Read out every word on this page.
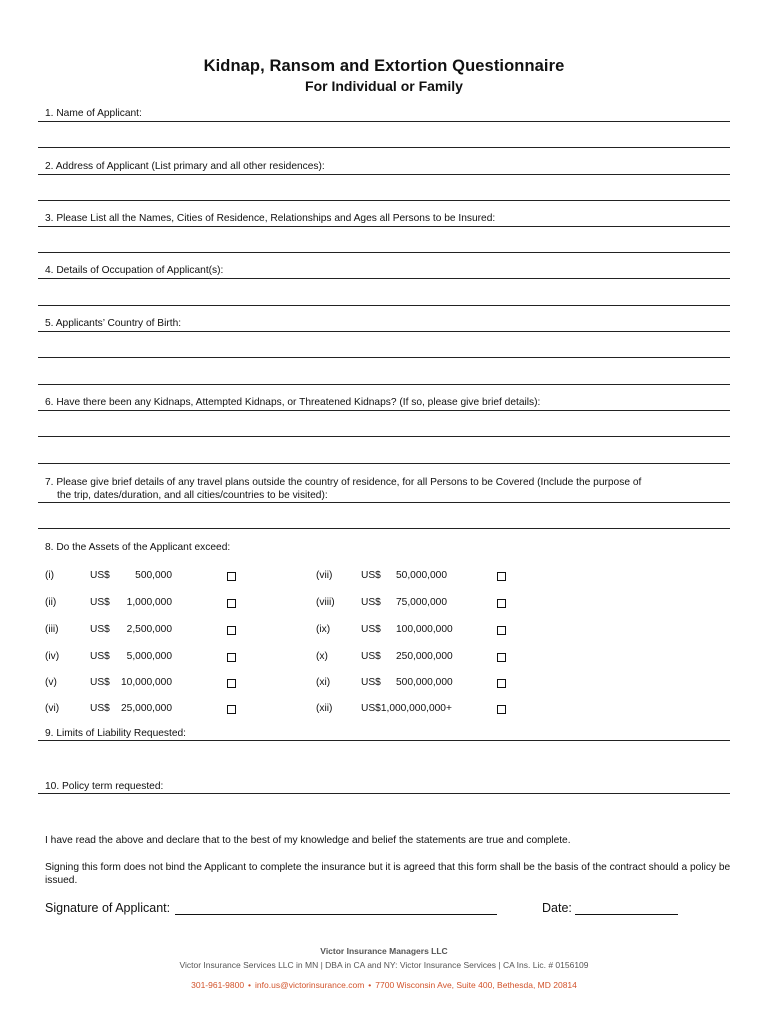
Kidnap, Ransom and Extortion Questionnaire
For Individual or Family
1. Name of Applicant:
2. Address of Applicant (List primary and all other residences):
3. Please List all the Names, Cities of Residence, Relationships and Ages all Persons to be Insured:
4. Details of Occupation of Applicant(s):
5. Applicants’ Country of Birth:
6. Have there been any Kidnaps, Attempted Kidnaps, or Threatened Kidnaps? (If so, please give brief details):
7. Please give brief details of any travel plans outside the country of residence, for all Persons to be Covered (Include the purpose of
the trip, dates/duration, and all cities/countries to be visited):
8. Do the Assets of the Applicant exceed:
(i)	US$ 500,000
(ii)	US$ 1,000,000
(iii)	US$ 2,500,000
(iv)	US$ 5,000,000
(v)	US$ 10,000,000
(vi)	US$ 25,000,000
(vii)	US$ 50,000,000
(viii)	US$ 75,000,000
(ix)	US$ 100,000,000
(x)	US$ 250,000,000
(xi)	US$ 500,000,000
(xii)	US$1,000,000,000+
9. Limits of Liability Requested:
10. Policy term requested:
I have read the above and declare that to the best of my knowledge and belief the statements are true and complete.
Signing this form does not bind the Applicant to complete the insurance but it is agreed that this form shall be the basis of the contract should a policy be issued.
Signature of Applicant:	Date:
Victor Insurance Managers LLC
Victor Insurance Services LLC in MN | DBA in CA and NY: Victor Insurance Services | CA Ins. Lic. # 0156109
301-961-9800 • info.us@victorinsurance.com • 7700 Wisconsin Ave, Suite 400, Bethesda, MD 20814
